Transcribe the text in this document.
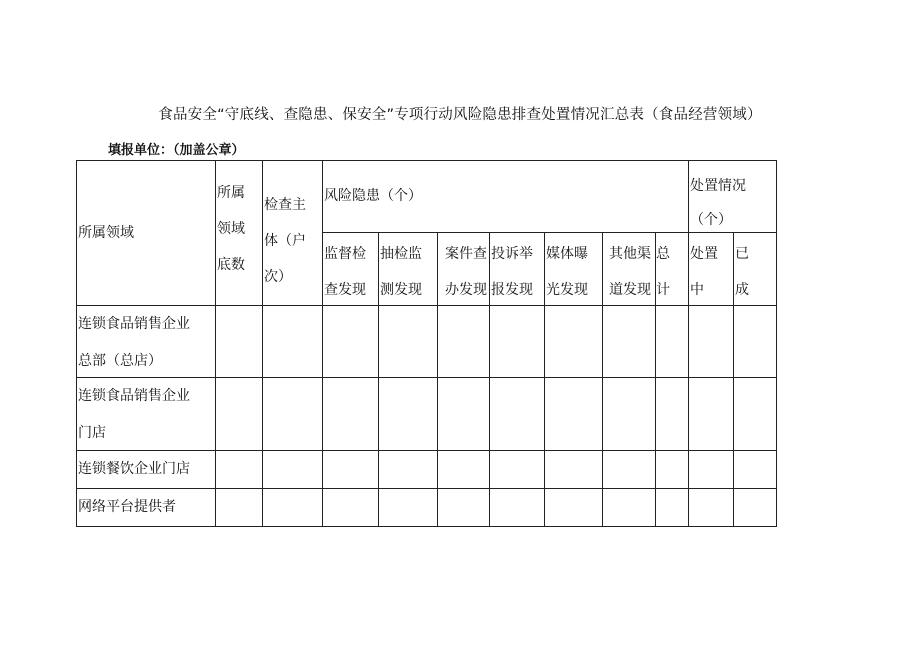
食品安全“守底线、查隐患、保安全”专项行动风险隐患排查处置情况汇总表（食品经营领域）
填报单位：（加盖公章）
所属领域
所属
领域
底数
检查主
体（户
次）
风险隐患（个）
处置情况
（个）
监督检
查发现
抽检监
测发现
案件查
办发现
投诉举
报发现
媒体曝
光发现
其他渠
道发现
总
计
处置
中
已
成
连锁食品销售企业
总部（总店）
连锁食品销售企业
门店
连锁餐饮企业门店
网络平台提供者
